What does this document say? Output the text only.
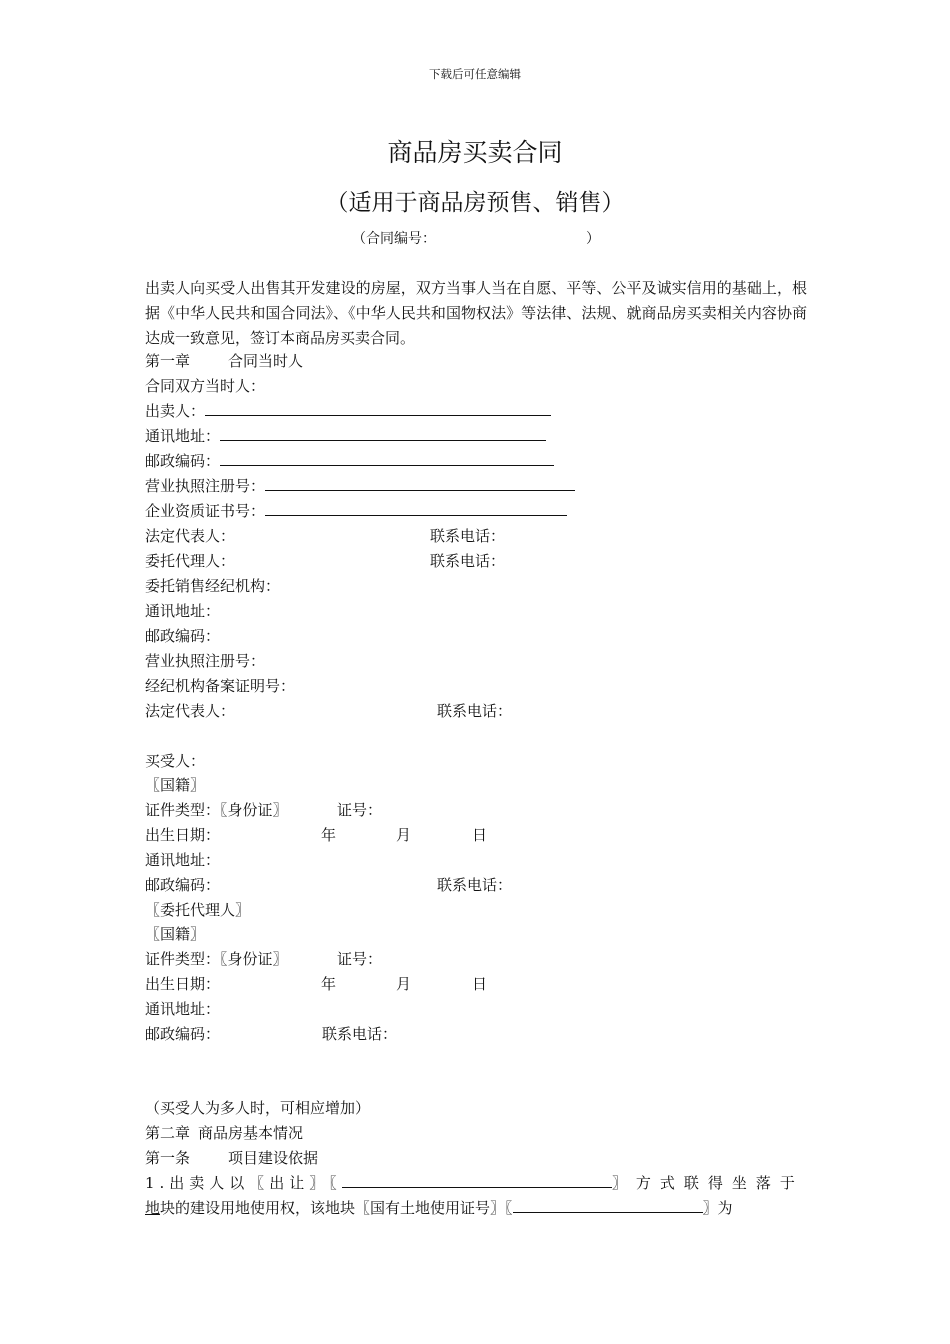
下载后可任意编辑
商品房买卖合同
（适用于商品房预售、销售）
（合同编号：	）
出卖人向买受人出售其开发建设的房屋，双方当事人当在自愿、平等、公平及诚实信用的基础上，根据《中华人民共和国合同法》、《中华人民共和国物权法》等法律、法规、就商品房买卖相关内容协商达成一致意见，签订本商品房买卖合同。
第一章	合同当时人
合同双方当时人：
出卖人：
通讯地址：
邮政编码：
营业执照注册号：
企业资质证书号：
法定代表人：	联系电话：
委托代理人：	联系电话：
委托销售经纪机构：
通讯地址：
邮政编码：
营业执照注册号：
经纪机构备案证明号：
法定代表人：	联系电话：
买受人：
〖国籍〗
证件类型：〖身份证〗	证号：
出生日期：	年	月	日
通讯地址：
邮政编码：	联系电话：
〖委托代理人〗
〖国籍〗
证件类型：〖身份证〗	证号：
出生日期：	年	月	日
通讯地址：
邮政编码：	联系电话：
（买受人为多人时，可相应增加）
第二章 商品房基本情况
第一条	项目建设依据
1.出卖人以〖出让〗〖	〗方式联得坐落于
地块的建设用地使用权，该地块〖国有土地使用证号〗〖	〗为
